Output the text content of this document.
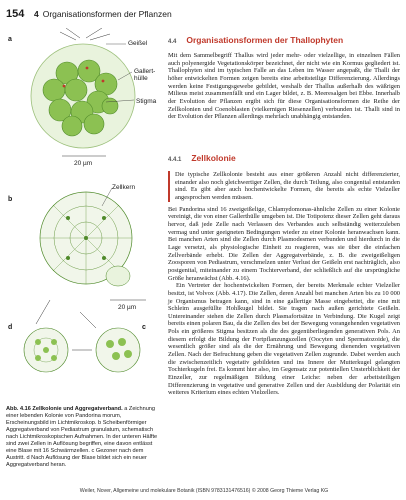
154 4 Organisationsformen der Pflanzen
a
b
d	c
Geißel
Gallert-hülle
Stigma
20 µm
Zellkern
20 µm
Abb. 4.16 Zellkolonie und Aggregatverband. a Zeichnung einer lebenden Kolonie von Pandorina morum, Erscheinungsbild im Lichtmikroskop. b Scheibenförmiger Aggregatverband von Pediastrum granulatum, schematisch nach Lichtmikroskopischen Aufnahmen. In der unteren Hälfte sind zwei Zellen in Auflösung begriffen, eine davon entlässt eine Blase mit 16 Schwärmzellen. c Gezoner nach dem Austritt. d Nach Auflösung der Blase bildet sich ein neuer Aggregatverband heran.
4.4 Organisationsformen der Thallophyten

Mit dem Sammelbegriff Thallus wird jeder mehr- oder vielzellige, in einzelnen Fällen auch polyenergide Vegetationskörper bezeichnet, der nicht wie ein Kormus gegliedert ist. Thallophyten sind im typischen Falle an das Leben im Wasser angepaßt, die Thalli der höher entwickelten Formen zeigen bereits eine arbeitsteilige Differenzierung. Allerdings werden keine Festigungsgewebe gebildet, weshalb der Thallus außerhalb des wäßrigen Milieus meist zusammenfällt und ein Lager bildet, z. B. Meeresalgen bei Ebbe. Innerhalb der Evolution der Pflanzen ergibt sich für diese Organisationsformen die Reihe der Zellkolonien und Coenoblasten (vielkernigen Riesenzellen) verbunden ist. Thalli sind in der Evolution der Pflanzen allerdings mehrfach unabhängig entstanden.

4.4.1 Zellkolonie

Die typische Zellkolonie besteht aus einer größeren Anzahl nicht differenzierter, einander also noch gleichwertiger Zellen, die durch Teilung, also congenital entstanden sind. Es gibt aber auch hochentwickelte Formen, die bereits als echte Vielzeller angesprochen werden müssen.

Bei Pandorina sind 16 zweigeißelige, Chlamydomonas-ähnliche Zellen zu einer Kolonie vereinigt, die von einer Gallerthülle umgeben ist. Die Totipotenz dieser Zellen geht daraus hervor, daß jede Zelle nach Verlassen des Verbandes auch selbständig weiterzuleben vermag und unter geeigneten Bedingungen wieder zu einer Kolonie heranwachsen kann. Bei manchen Arten sind die Zellen durch Plasmodesmen verbunden und hierdurch in die Lage versetzt, als physiologische Einheit zu reagieren, was sie über die einfachen Zellverbände erhebt. Die Zellen der Aggregatverbände, z. B. die zweigeißeligen Zoosporen von Pediastrum, verschmelzen unter Verlust der Geißeln erst nachträglich, also postgenital, miteinander zu einem Tochterverband, der schließlich auf die ursprüngliche Größe heranwächst (Abb. 4.16).

Ein Vertreter der hochentwickelten Formen, der bereits Merkmale echter Vielzeller besitzt, ist Volvox (Abb. 4.17). Die Zellen, deren Anzahl bei manchen Arten bis zu 10 000 je Organismus betragen kann, sind in eine gallertige Masse eingebettet, die eine mit Schleim ausgefüllte Hohlkugel bildet. Sie tragen nach außen gerichtete Geißeln. Untereinander stehen die Zellen durch Plasmafortsätze in Verbindung. Die Kugel zeigt bereits einen polaren Bau, da die Zellen des bei der Bewegung vorangehenden vegetativen Pols ein größeres Stigma besitzen als die des gegenüberliegenden generativen Pols. An diesem erfolgt die Bildung der Fortpflanzungszellen (Oocyten und Spermatozoide), die wesentlich größer sind als die der Ernährung und Bewegung dienenden vegetativen Zellen. Nach der Befruchtung geben die vegetativen Zellen zugrunde. Dabei werden auch die zwischenzeitlich vegetativ gebildeten und ins Innere der Mutterkugel gelangten Tochterkugeln frei. Es kommt hier also, im Gegensatz zur potentiellen Unsterblichkeit der Einzeller, zur regelmäßigen Bildung einer Leiche: neben der arbeitsteiligen Differenzierung in vegetative und generative Zellen und der Ausbildung der Polarität ein weiteres Kriterium eines echten Vielzellers.

Weiler, Nover, Allgemeine und molekulare Botanik (ISBN 9783131476516) © 2008 Georg Thieme Verlag KG
